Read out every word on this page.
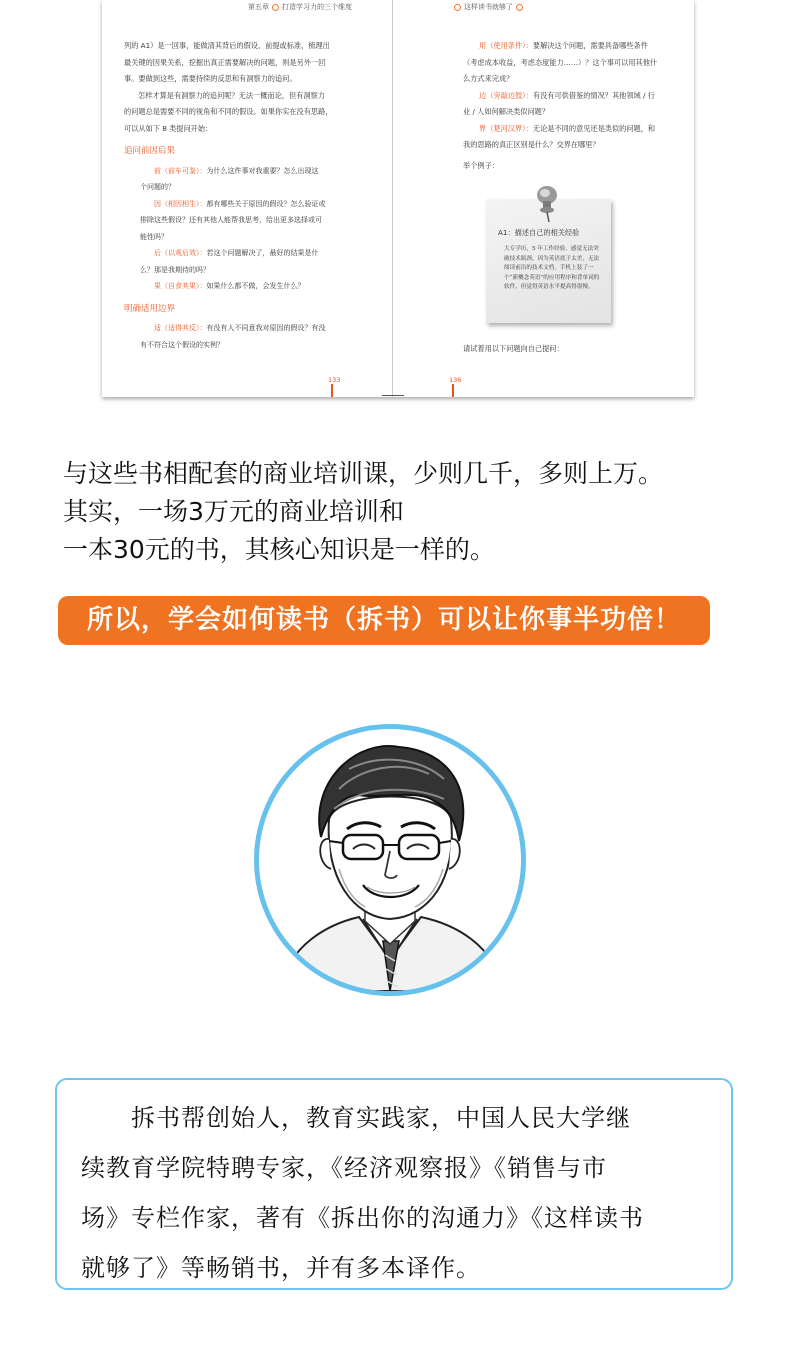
第五章 打造学习力的三个维度

列的 A1）是一回事，能做清其背后的假设、前提或标准，梳理出

最关键的因果关系，挖掘出真正需要解决的问题，则是另外一回

事。要做到这些，需要持续的反思和有洞察力的追问。

怎样才算是有洞察力的追问呢？无法一概而论，但有洞察力

的问题总是需要不同的视角和不同的假设。如果你实在没有思路，

可以从如下 8 类提问开始：

追问前因后果

前（前车可鉴）：为什么这件事对我重要？怎么出现这

个问题的？

因（相因相生）：都有哪些关于原因的假设？怎么验证或

排除这些假设？还有其他人能帮我思考，给出更多选择或可

能性吗？

后（以观后效）：若这个问题解决了，最好的结果是什

么？那是我期待的吗？

果（自食其果）：如果什么都不做，会发生什么？

明确适用边界

适（适得其反）：有没有人不同意我对原因的假设？有没

有不符合这个假设的实例？

133
这样读书就够了

用（使用条件）：要解决这个问题，需要具备哪些条件

（考虑成本收益，考虑态度能力……）？这个事可以用其他什

么方式来完成？

边（旁敲边鼓）：有没有可供借鉴的情况？其他领域 / 行

业 / 人如何解决类似问题？

界（楚河汉界）：无论是不同的意见还是类似的问题，和

我的思路的真正区别是什么？交界在哪里？

举个例子：

请试着用以下问题向自己提问：
136
A1：描述自己的相关经验
大专学历，5 年工作经验，感觉无法突破技术瓶颈，因为英语底子太差，无法阅读前沿的技术文档。手机上装了一个“新概念英语”的应用程序和背单词的软件，但觉得英语水平提高得很慢。
与这些书相配套的商业培训课，少则几千，多则上万。
其实，一场3万元的商业培训和
一本30元的书，其核心知识是一样的。
所以，学会如何读书（拆书）可以让你事半功倍！
拆书帮创始人，教育实践家，中国人民大学继
续教育学院特聘专家，《经济观察报》《销售与市
场》专栏作家，著有《拆出你的沟通力》《这样读书
就够了》等畅销书，并有多本译作。
